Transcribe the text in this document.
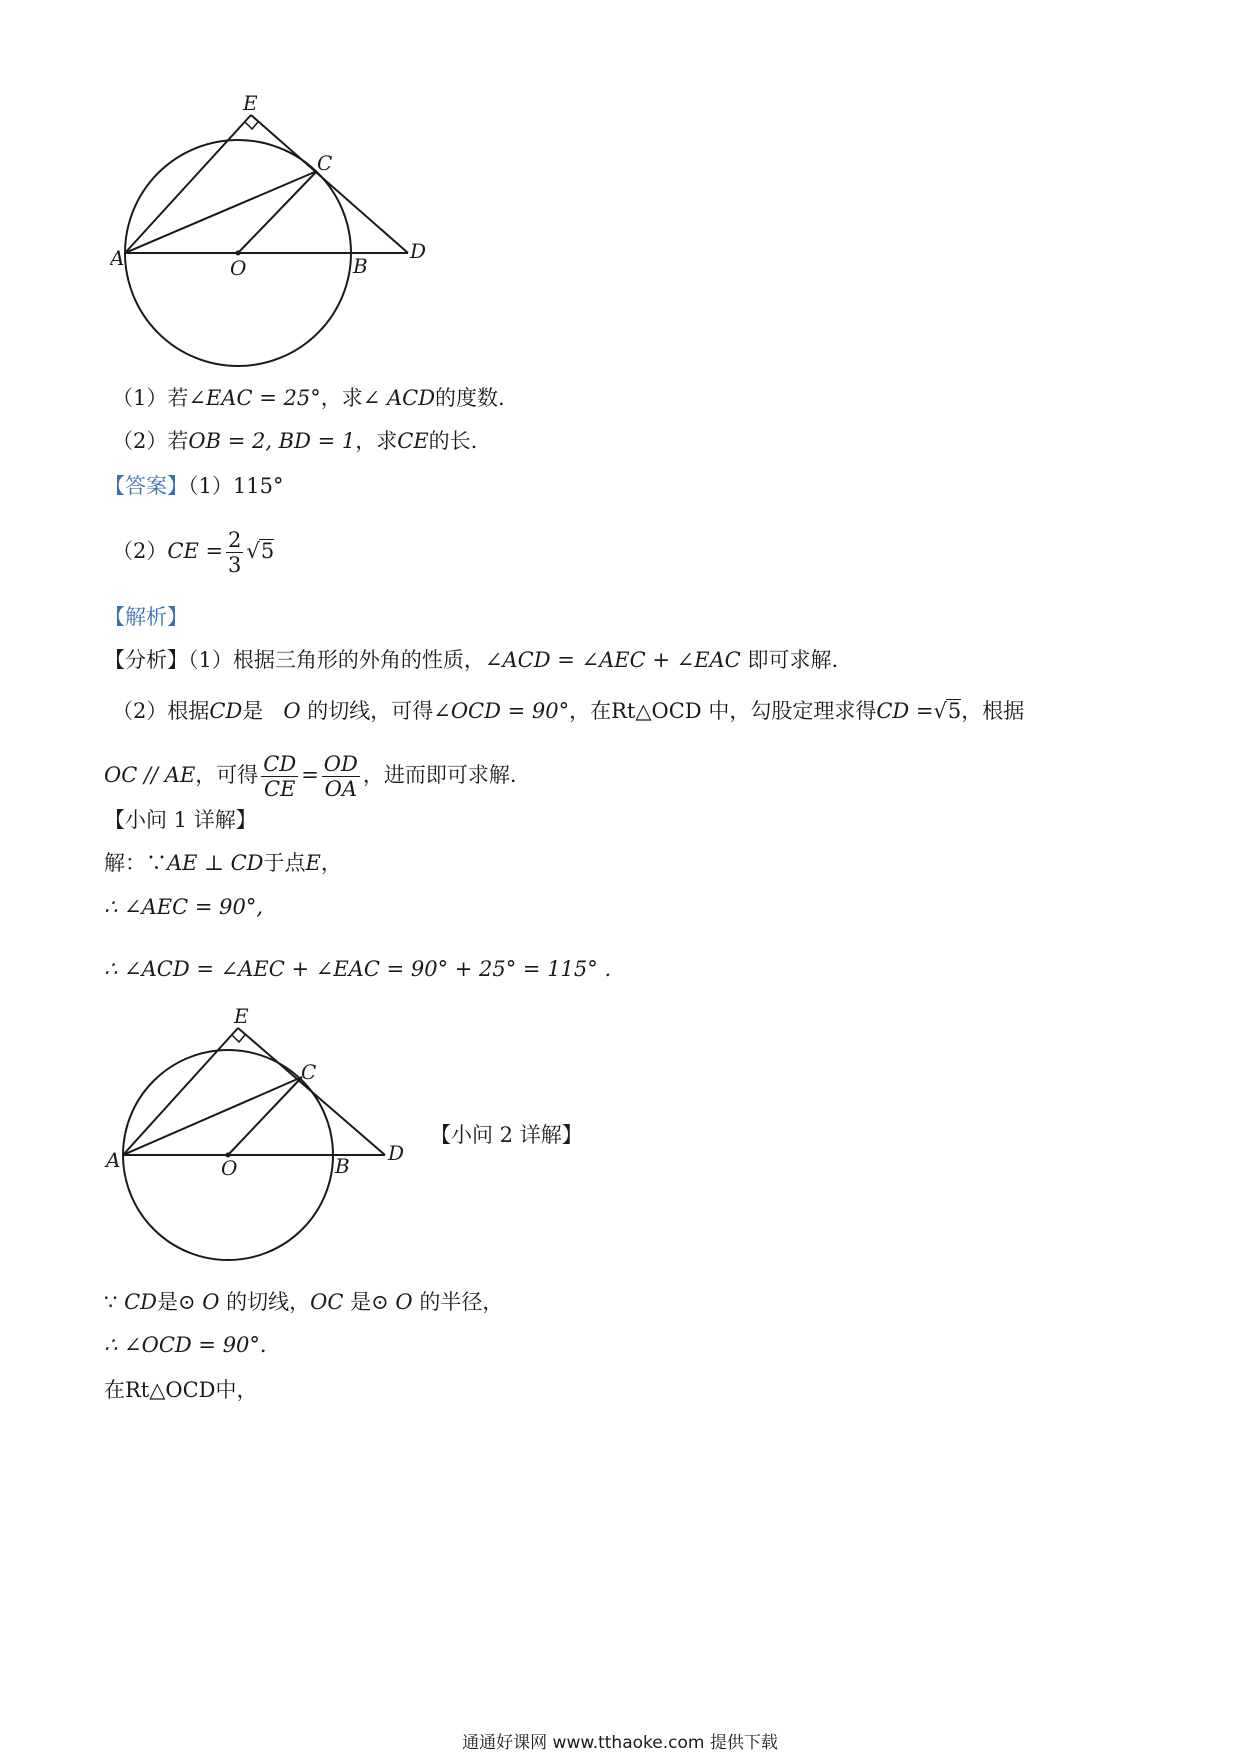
E
C
A	O	B
D
（1）若∠EAC = 25°，求∠ ACD的度数.
（2）若OB = 2, BD = 1，求CE的长.
【答案】（1）115°
$(2)CE = \frac{2}{3} √5$
【解析】
【分析】（1）根据三角形的外角的性质，∠ACD = ∠AEC + ∠EAC 即可求解.
（2）根据CD是 O 的切线，可得∠OCD = 90°，在Rt△OCD 中，勾股定理求得CD =√5，根据
OC // AE，可得 $\frac{CD}{CE} = \frac{OD}{OA}$ ，进而即可求解.
【小问 1 详解】
解：∵AE ⊥ CD于点E，
∴ ∠AEC = 90°,
∴ ∠ACD = ∠AEC + ∠EAC = 90° + 25° = 115° .
E
C
A	O	B
D
【小问 2 详解】
∵ CD是⊙ O 的切线，OC 是⊙ O 的半径，
∴ ∠OCD = 90°.
在Rt△OCD中，
通通好课网 www.tthaoke.com 提供下载
